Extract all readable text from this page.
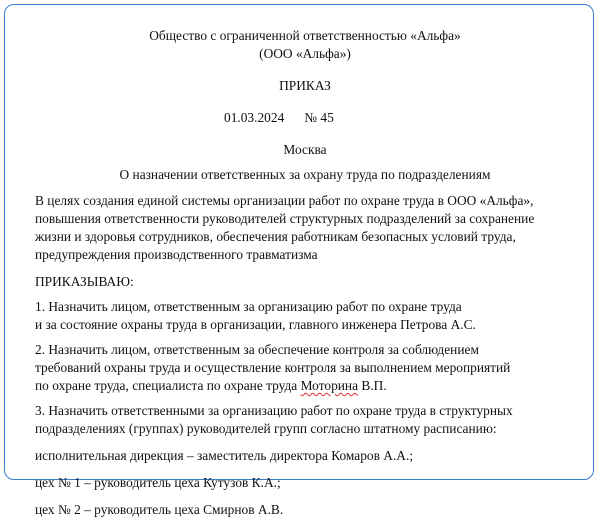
Общество с ограниченной ответственностью «Альфа»
(ООО «Альфа»)
ПРИКАЗ
01.03.2024 № 45
Москва
О назначении ответственных за охрану труда по подразделениям
В целях создания единой системы организации работ по охране труда в ООО «Альфа»,
повышения ответственности руководителей структурных подразделений за сохранение
жизни и здоровья сотрудников, обеспечения работникам безопасных условий труда,
предупреждения производственного травматизма
ПРИКАЗЫВАЮ:
1. Назначить лицом, ответственным за организацию работ по охране труда
и за состояние охраны труда в организации, главного инженера Петрова А.С.
2. Назначить лицом, ответственным за обеспечение контроля за соблюдением
требований охраны труда и осуществление контроля за выполнением мероприятий
по охране труда, специалиста по охране труда Моторина В.П.
3. Назначить ответственными за организацию работ по охране труда в структурных
подразделениях (группах) руководителей групп согласно штатному расписанию:
исполнительная дирекция – заместитель директора Комаров А.А.;
цех № 1 – руководитель цеха Кутузов К.А.;
цех № 2 – руководитель цеха Смирнов А.В.
